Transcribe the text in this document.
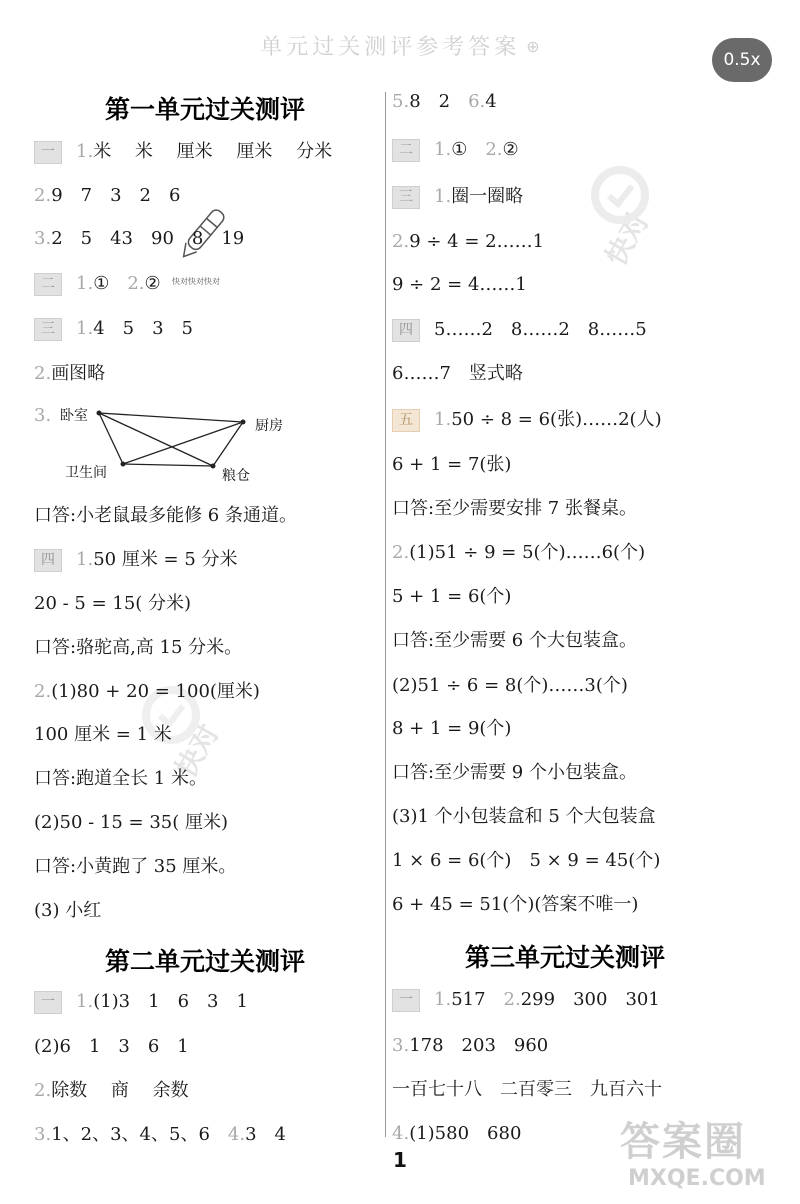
单元过关测评参考答案 ⊕
0.5x
快对
快对
快对快对快对
第一单元过关测评
一	1.米　 米　 厘米　 厘米　 分米
2.9　7　3　2　6
3.2　5　43　90　8　19
二	1.①　2.②
三	1.4　5　3　5
2.画图略
3. 卧室
厨房
卫生间	粮仓
口答:小老鼠最多能修 6 条通道。
四	1.50 厘米 = 5 分米
20 - 5 = 15( 分米)
口答:骆驼高,高 15 分米。
2.(1)80 + 20 = 100(厘米)
100 厘米 = 1 米
口答:跑道全长 1 米。
(2)50 - 15 = 35( 厘米)
口答:小黄跑了 35 厘米。
(3) 小红
第二单元过关测评
一	1.(1)3　1　6　3　1
(2)6　1　3　6　1
2.除数　 商　 余数
3.1、2、3、4、5、6　4.3　4
5.8　2　6.4
二	1.①　2.②
三	1.圈一圈略
2.9 ÷ 4 = 2……1
9 ÷ 2 = 4……1
四	5……2　8……2　8……5
6……7　竖式略
五	1.50 ÷ 8 = 6(张)……2(人)
6 + 1 = 7(张)
口答:至少需要安排 7 张餐桌。
2.(1)51 ÷ 9 = 5(个)……6(个)
5 + 1 = 6(个)
口答:至少需要 6 个大包装盒。
(2)51 ÷ 6 = 8(个)……3(个)
8 + 1 = 9(个)
口答:至少需要 9 个小包装盒。
(3)1 个小包装盒和 5 个大包装盒
1 × 6 = 6(个)　5 × 9 = 45(个)
6 + 45 = 51(个)(答案不唯一)
第三单元过关测评
一	1.517　2.299　300　301
3.178　203　960
一百七十八　二百零三　九百六十
4.(1)580　680
1	答案圈
MXQE.COM
